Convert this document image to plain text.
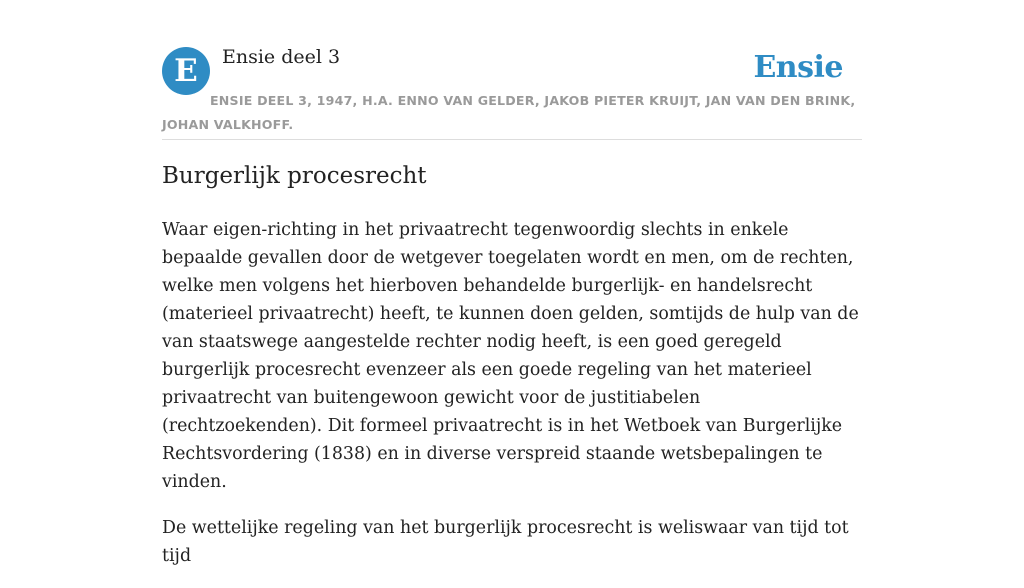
E	Ensie deel 3	Ensie
ENSIE DEEL 3, 1947, H.A. ENNO VAN GELDER, JAKOB PIETER KRUIJT, JAN VAN DEN BRINK, JOHAN VALKHOFF.
Burgerlijk procesrecht

Waar eigen-richting in het privaatrecht tegenwoordig slechts in enkele bepaalde gevallen door de wetgever toegelaten wordt en men, om de rechten, welke men volgens het hierboven behandelde burgerlijk- en handelsrecht (materieel privaatrecht) heeft, te kunnen doen gelden, somtijds de hulp van de van staatswege aangestelde rechter nodig heeft, is een goed geregeld burgerlijk procesrecht evenzeer als een goede regeling van het materieel privaatrecht van buitengewoon gewicht voor de justitiabelen (rechtzoekenden). Dit formeel privaatrecht is in het Wetboek van Burgerlijke Rechtsvordering (1838) en in diverse verspreid staande wetsbepalingen te vinden.

De wettelijke regeling van het burgerlijk procesrecht is weliswaar van tijd tot tijd
